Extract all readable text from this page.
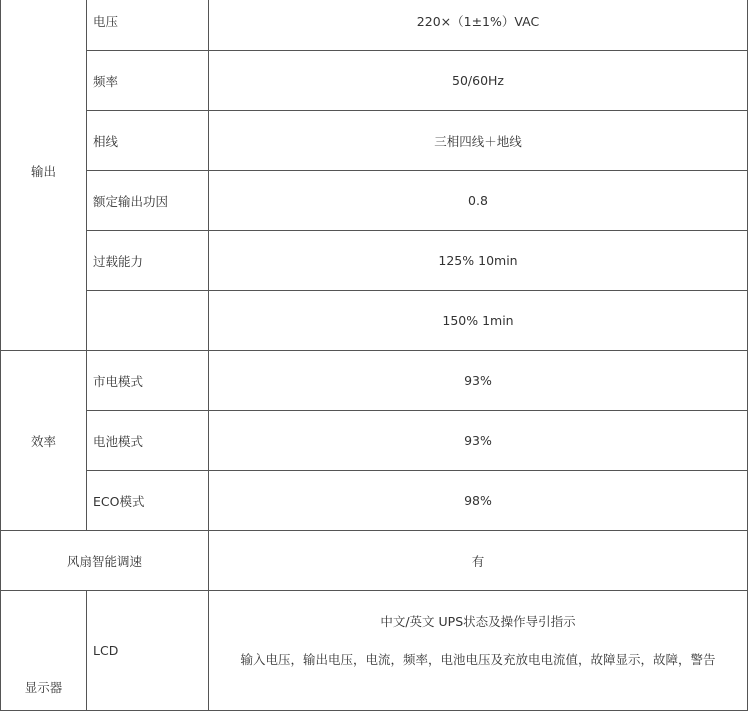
输出	电压	220×（1±1%）VAC
	频率	50/60Hz
	相线	三相四线＋地线
	额定输出功因	0.8
	过载能力	125% 10min
		150% 1min
效率	市电模式	93%
	电池模式	93%
	ECO模式	98%
风扇智能调速		有
显示器	LCD	中文/英文 UPS状态及操作导引指示
输入电压，输出电压，电流，频率，电池电压及充放电电流值，故障显示，故障，警告
